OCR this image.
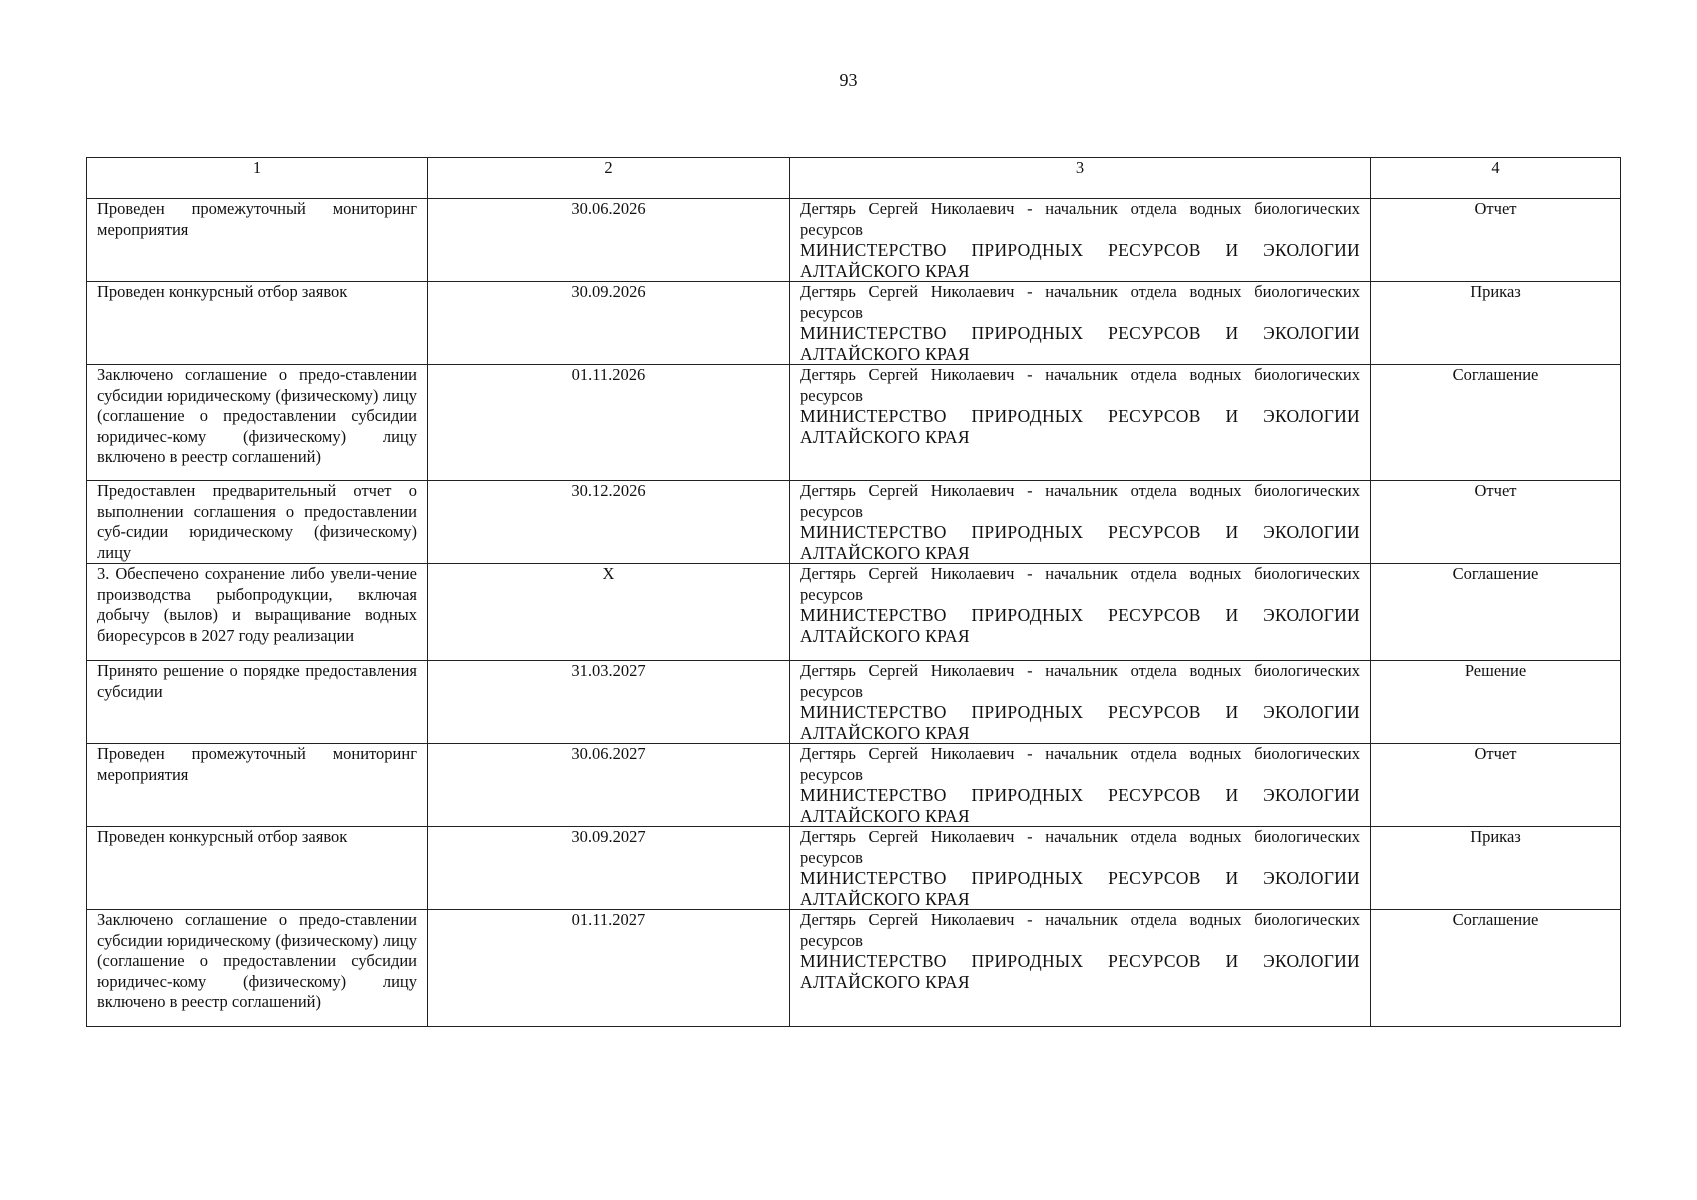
93
1	2	3	4
Проведен промежуточный мониторинг мероприятия	30.06.2026	Дегтярь Сергей Николаевич - начальник отдела водных биологических ресурсов
МИНИСТЕРСТВО ПРИРОДНЫХ РЕСУРСОВ И ЭКОЛОГИИ АЛТАЙСКОГО КРАЯ	Отчет
Проведен конкурсный отбор заявок	30.09.2026	Дегтярь Сергей Николаевич - начальник отдела водных биологических ресурсов
МИНИСТЕРСТВО ПРИРОДНЫХ РЕСУРСОВ И ЭКОЛОГИИ АЛТАЙСКОГО КРАЯ	Приказ
Заключено соглашение о предо-ставлении субсидии юридическому (физическому) лицу (соглашение о предоставлении субсидии юридичес-кому (физическому) лицу включено в реестр соглашений)	01.11.2026	Дегтярь Сергей Николаевич - начальник отдела водных биологических ресурсов
МИНИСТЕРСТВО ПРИРОДНЫХ РЕСУРСОВ И ЭКОЛОГИИ АЛТАЙСКОГО КРАЯ	Соглашение
Предоставлен предварительный отчет о выполнении соглашения о предоставлении суб-сидии юридическому (физическому) лицу	30.12.2026	Дегтярь Сергей Николаевич - начальник отдела водных биологических ресурсов
МИНИСТЕРСТВО ПРИРОДНЫХ РЕСУРСОВ И ЭКОЛОГИИ АЛТАЙСКОГО КРАЯ	Отчет
3. Обеспечено сохранение либо увели-чение производства рыбопродукции, включая добычу (вылов) и выращивание водных биоресурсов в 2027 году реализации	X	Дегтярь Сергей Николаевич - начальник отдела водных биологических ресурсов
МИНИСТЕРСТВО ПРИРОДНЫХ РЕСУРСОВ И ЭКОЛОГИИ АЛТАЙСКОГО КРАЯ	Соглашение
Принято решение о порядке предоставления субсидии	31.03.2027	Дегтярь Сергей Николаевич - начальник отдела водных биологических ресурсов
МИНИСТЕРСТВО ПРИРОДНЫХ РЕСУРСОВ И ЭКОЛОГИИ АЛТАЙСКОГО КРАЯ	Решение
Проведен промежуточный мониторинг мероприятия	30.06.2027	Дегтярь Сергей Николаевич - начальник отдела водных биологических ресурсов
МИНИСТЕРСТВО ПРИРОДНЫХ РЕСУРСОВ И ЭКОЛОГИИ АЛТАЙСКОГО КРАЯ	Отчет
Проведен конкурсный отбор заявок	30.09.2027	Дегтярь Сергей Николаевич - начальник отдела водных биологических ресурсов
МИНИСТЕРСТВО ПРИРОДНЫХ РЕСУРСОВ И ЭКОЛОГИИ АЛТАЙСКОГО КРАЯ	Приказ
Заключено соглашение о предо-ставлении субсидии юридическому (физическому) лицу (соглашение о предоставлении субсидии юридичес-кому (физическому) лицу включено в реестр соглашений)	01.11.2027	Дегтярь Сергей Николаевич - начальник отдела водных биологических ресурсов
МИНИСТЕРСТВО ПРИРОДНЫХ РЕСУРСОВ И ЭКОЛОГИИ АЛТАЙСКОГО КРАЯ	Соглашение
